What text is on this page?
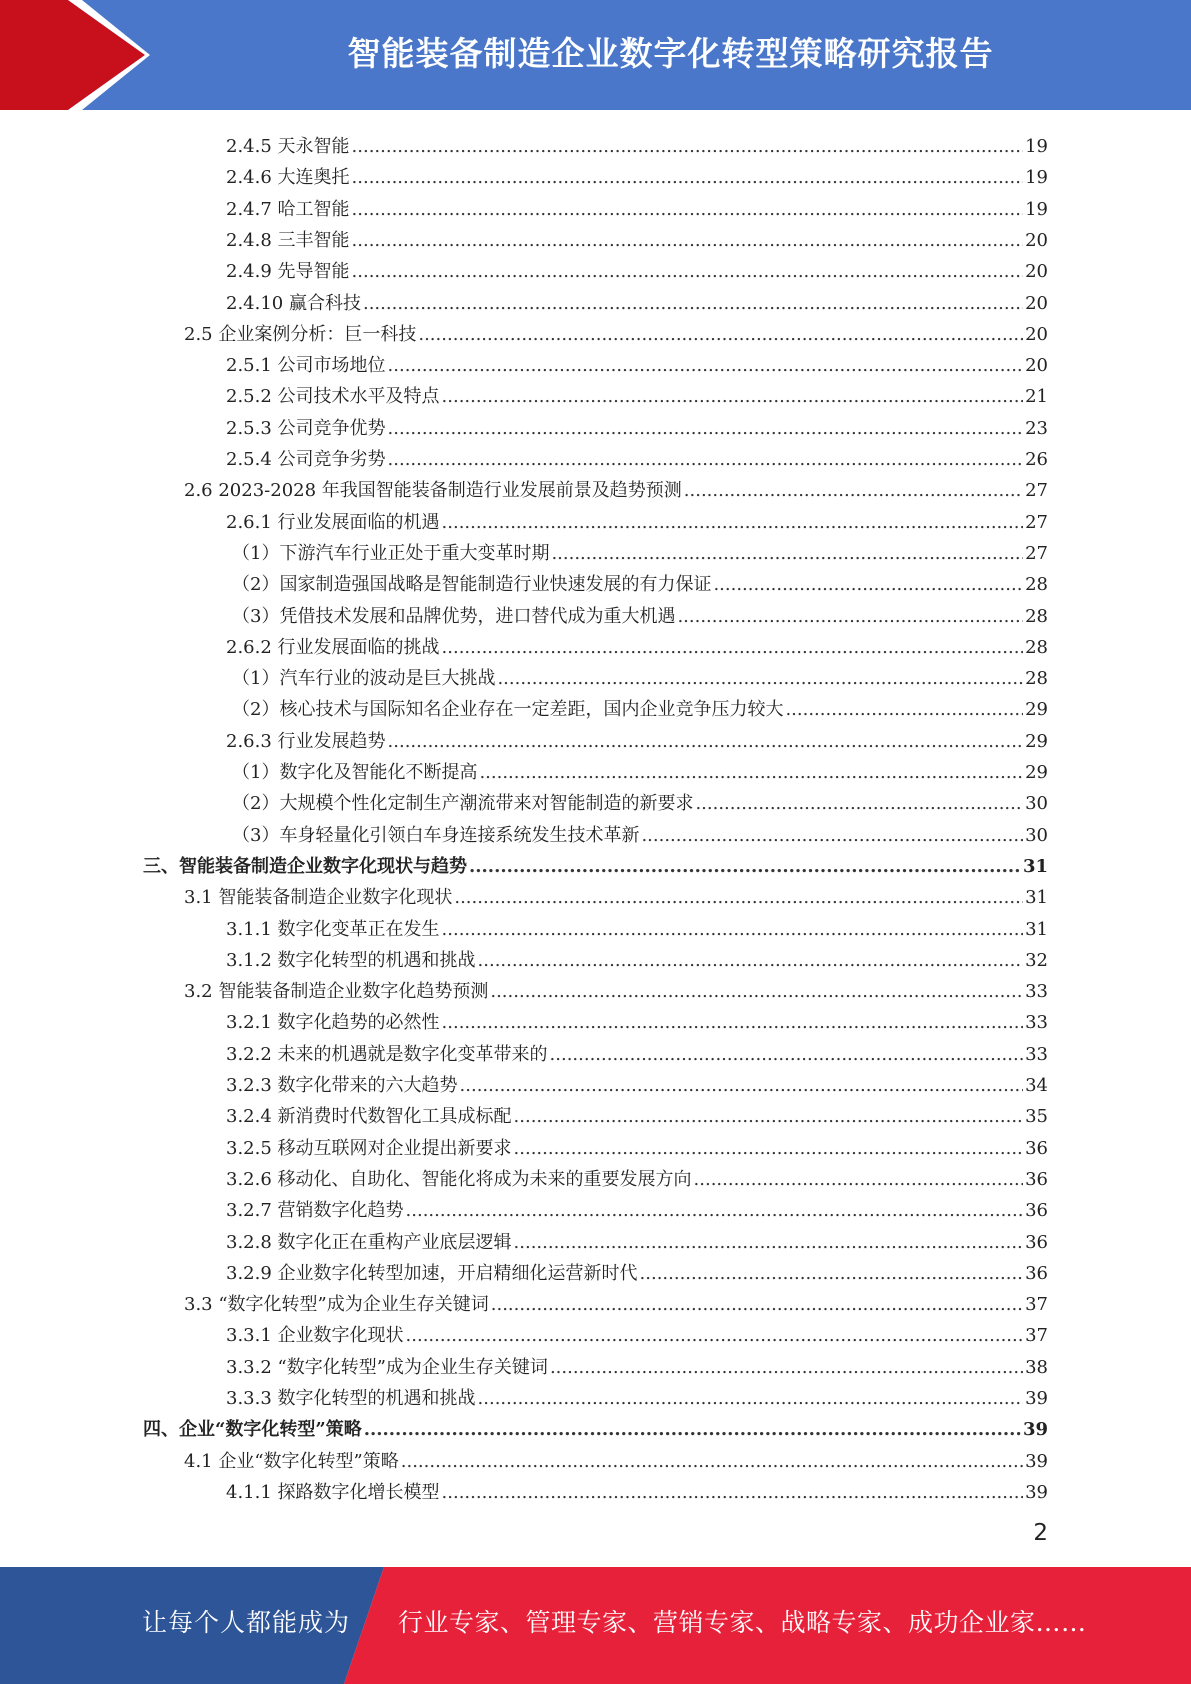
智能装备制造企业数字化转型策略研究报告
2.4.5 天永智能 .....	19
2.4.6 大连奥托 .....	19
2.4.7 哈工智能 .....	19
2.4.8 三丰智能 .....	20
2.4.9 先导智能 .....	20
2.4.10 赢合科技 .....	20
2.5 企业案例分析：巨一科技 .....	20
2.5.1 公司市场地位 .....	20
2.5.2 公司技术水平及特点 .....	21
2.5.3 公司竞争优势 .....	23
2.5.4 公司竞争劣势 .....	26
2.6 2023-2028 年我国智能装备制造行业发展前景及趋势预测 .....	27
2.6.1 行业发展面临的机遇 .....	27
（1）下游汽车行业正处于重大变革时期 .....	27
（2）国家制造强国战略是智能制造行业快速发展的有力保证 .....	28
（3）凭借技术发展和品牌优势，进口替代成为重大机遇 .....	28
2.6.2 行业发展面临的挑战 .....	28
（1）汽车行业的波动是巨大挑战 .....	28
（2）核心技术与国际知名企业存在一定差距，国内企业竞争压力较大 .....	29
2.6.3 行业发展趋势 .....	29
（1）数字化及智能化不断提高 .....	29
（2）大规模个性化定制生产潮流带来对智能制造的新要求 .....	30
（3）车身轻量化引领白车身连接系统发生技术革新 .....	30
三、智能装备制造企业数字化现状与趋势 .....	31
3.1 智能装备制造企业数字化现状 .....	31
3.1.1 数字化变革正在发生 .....	31
3.1.2 数字化转型的机遇和挑战 .....	32
3.2 智能装备制造企业数字化趋势预测 .....	33
3.2.1 数字化趋势的必然性 .....	33
3.2.2 未来的机遇就是数字化变革带来的 .....	33
3.2.3 数字化带来的六大趋势 .....	34
3.2.4 新消费时代数智化工具成标配 .....	35
3.2.5 移动互联网对企业提出新要求 .....	36
3.2.6 移动化、自助化、智能化将成为未来的重要发展方向 .....	36
3.2.7 营销数字化趋势 .....	36
3.2.8 数字化正在重构产业底层逻辑 .....	36
3.2.9 企业数字化转型加速，开启精细化运营新时代 .....	36
3.3 “数字化转型”成为企业生存关键词 .....	37
3.3.1 企业数字化现状 .....	37
3.3.2 “数字化转型”成为企业生存关键词 .....	38
3.3.3 数字化转型的机遇和挑战 .....	39
四、企业“数字化转型”策略 .....	39
4.1 企业“数字化转型”策略 .....	39
4.1.1 探路数字化增长模型 .....	39
2
让每个人都能成为 行业专家、管理专家、营销专家、战略专家、成功企业家……
